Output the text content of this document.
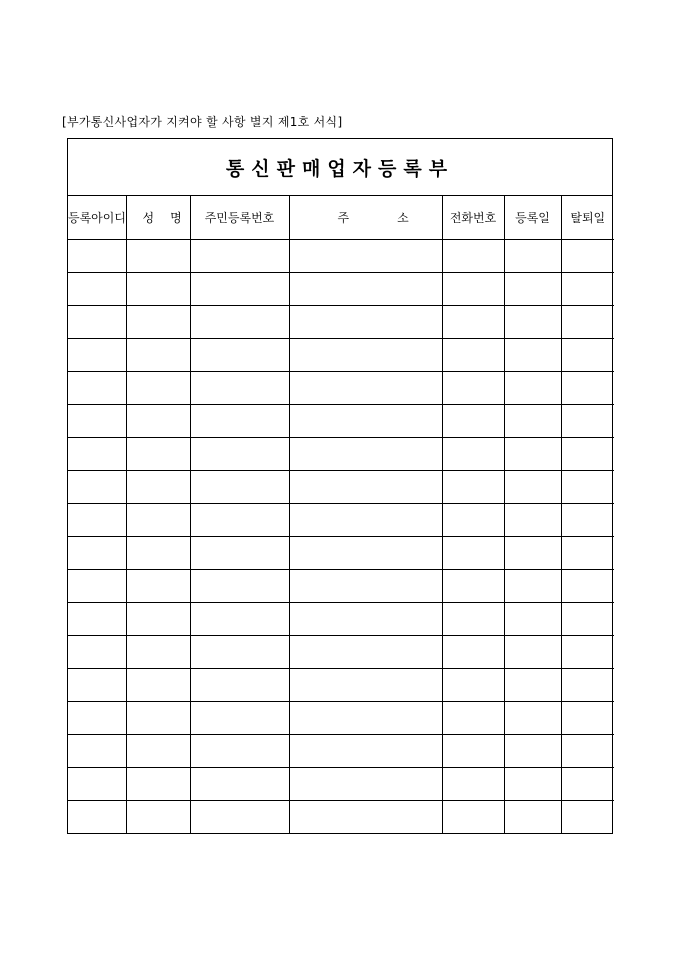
[부가통신사업자가 지켜야 할 사항 별지 제1호 서식]
통신판매업자등록부
등록아이디	성명	주민등록번호	주소	전화번호	등록일	탈퇴일
